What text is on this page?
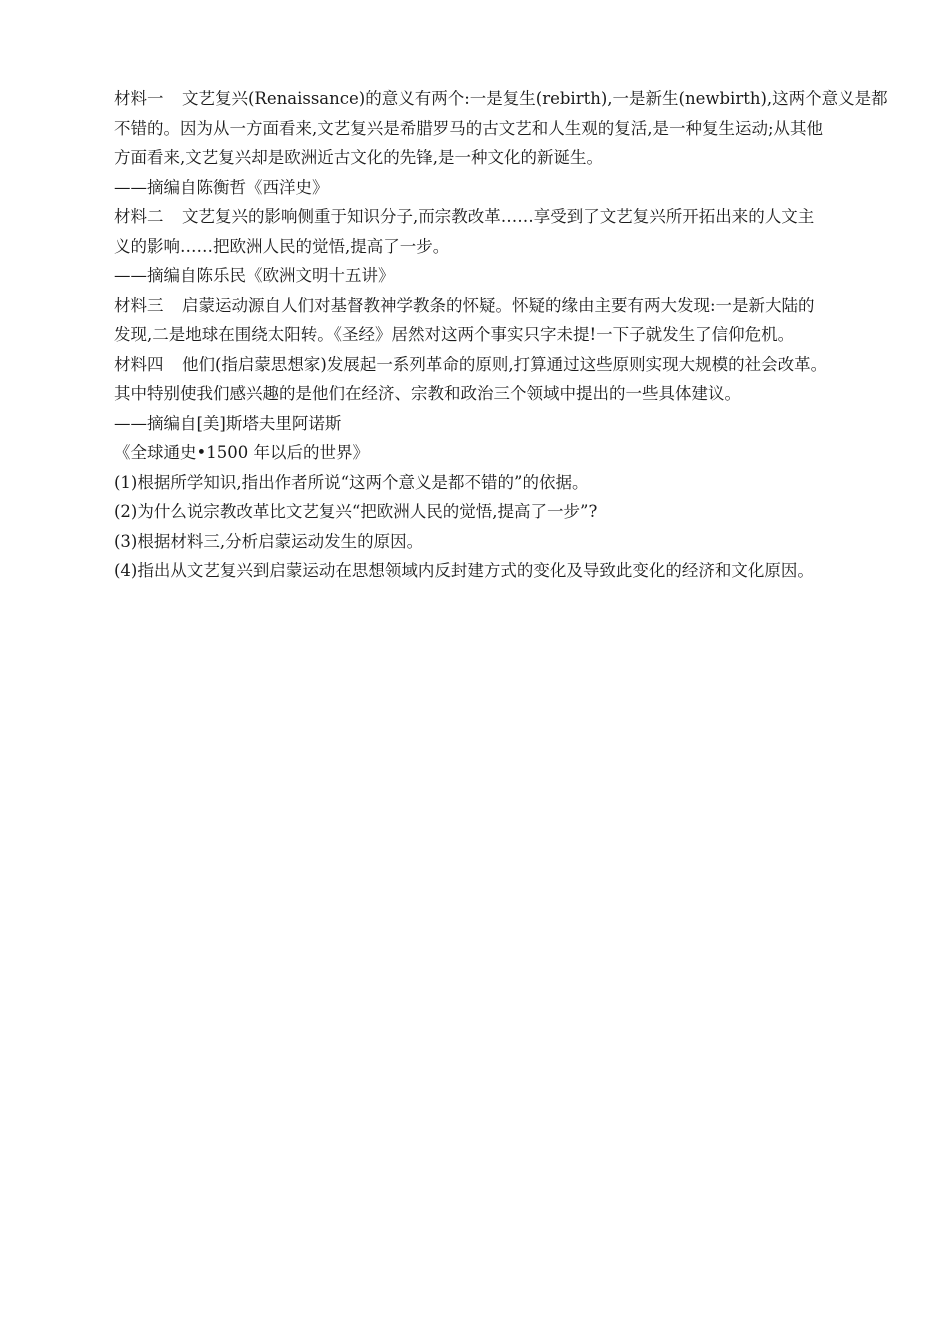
材料一 文艺复兴(Renaissance)的意义有两个:一是复生(rebirth),一是新生(newbirth),这两个意义是都
不错的。因为从一方面看来,文艺复兴是希腊罗马的古文艺和人生观的复活,是一种复生运动;从其他
方面看来,文艺复兴却是欧洲近古文化的先锋,是一种文化的新诞生。
——摘编自陈衡哲《西洋史》
材料二 文艺复兴的影响侧重于知识分子,而宗教改革……享受到了文艺复兴所开拓出来的人文主
义的影响……把欧洲人民的觉悟,提高了一步。
——摘编自陈乐民《欧洲文明十五讲》
材料三 启蒙运动源自人们对基督教神学教条的怀疑。怀疑的缘由主要有两大发现:一是新大陆的
发现,二是地球在围绕太阳转。《圣经》居然对这两个事实只字未提!一下子就发生了信仰危机。
材料四 他们(指启蒙思想家)发展起一系列革命的原则,打算通过这些原则实现大规模的社会改革。
其中特别使我们感兴趣的是他们在经济、宗教和政治三个领域中提出的一些具体建议。
——摘编自[美]斯塔夫里阿诺斯
《全球通史•1500 年以后的世界》
(1)根据所学知识,指出作者所说“这两个意义是都不错的”的依据。
(2)为什么说宗教改革比文艺复兴“把欧洲人民的觉悟,提高了一步”?
(3)根据材料三,分析启蒙运动发生的原因。
(4)指出从文艺复兴到启蒙运动在思想领域内反封建方式的变化及导致此变化的经济和文化原因。
